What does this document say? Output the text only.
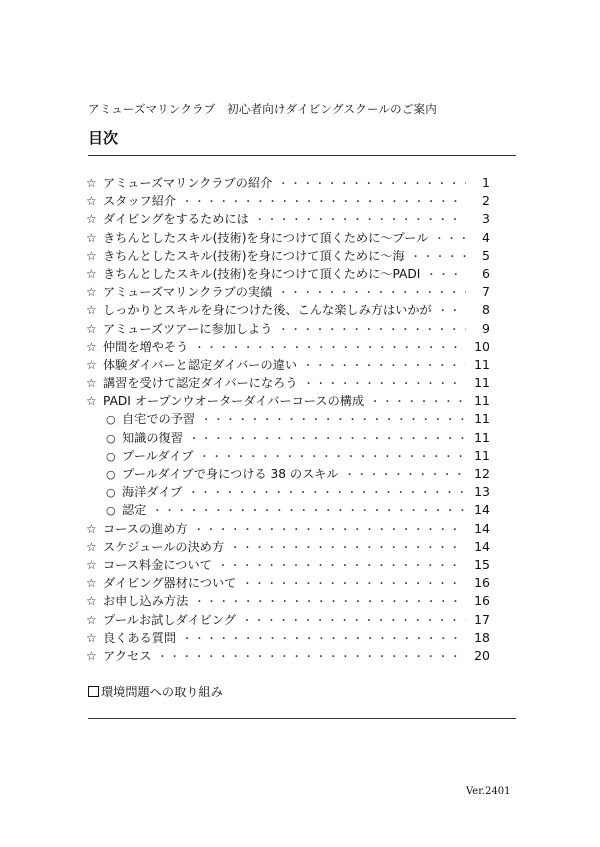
アミューズマリンクラブ　初心者向けダイビングスクールのご案内
目次
☆ アミューズマリンクラブの紹介 ・・・・・・・・・・・・・・・・・・・・・・・・・・・・・・・・・・・・・・・・・・・・・・・・・・・・・・・・	1
☆ スタッフ紹介 ・・・・・・・・・・・・・・・・・・・・・・・・・・・・・・・・・・・・・・・・・・・・・・・・・・・・・・・・	2
☆ ダイビングをするためには ・・・・・・・・・・・・・・・・・・・・・・・・・・・・・・・・・・・・・・・・・・・・・・・・・・・・・・・・	3
☆ きちんとしたスキル(技術)を身につけて頂くために～プール ・・・・・・・・・・・・・・・・・・・・・・・・・・・・・・・・・・・・・・・・・・・・・・・・・・・・・・・・	4
☆ きちんとしたスキル(技術)を身につけて頂くために～海 ・・・・・・・・・・・・・・・・・・・・・・・・・・・・・・・・・・・・・・・・・・・・・・・・・・・・・・・・	5
☆ きちんとしたスキル(技術)を身につけて頂くために～PADI ・・・・・・・・・・・・・・・・・・・・・・・・・・・・・・・・・・・・・・・・・・・・・・・・・・・・・・・・	6
☆ アミューズマリンクラブの実績 ・・・・・・・・・・・・・・・・・・・・・・・・・・・・・・・・・・・・・・・・・・・・・・・・・・・・・・・・	7
☆ しっかりとスキルを身につけた後、こんな楽しみ方はいかが ・・・・・・・・・・・・・・・・・・・・・・・・・・・・・・・・・・・・・・・・・・・・・・・・・・・・・・・・	8
☆ アミューズツアーに参加しよう ・・・・・・・・・・・・・・・・・・・・・・・・・・・・・・・・・・・・・・・・・・・・・・・・・・・・・・・・	9
☆ 仲間を増やそう ・・・・・・・・・・・・・・・・・・・・・・・・・・・・・・・・・・・・・・・・・・・・・・・・・・・・・・・・	10
☆ 体験ダイバーと認定ダイバーの違い ・・・・・・・・・・・・・・・・・・・・・・・・・・・・・・・・・・・・・・・・・・・・・・・・・・・・・・・・	11
☆ 講習を受けて認定ダイバーになろう ・・・・・・・・・・・・・・・・・・・・・・・・・・・・・・・・・・・・・・・・・・・・・・・・・・・・・・・・	11
☆ PADI オープンウオーターダイバーコースの構成 ・・・・・・・・・・・・・・・・・・・・・・・・・・・・・・・・・・・・・・・・・・・・・・・・・・・・・・・・	11
○ 自宅での予習 ・・・・・・・・・・・・・・・・・・・・・・・・・・・・・・・・・・・・・・・・・・・・・・・・・・・・・・・・	11
○ 知識の復習 ・・・・・・・・・・・・・・・・・・・・・・・・・・・・・・・・・・・・・・・・・・・・・・・・・・・・・・・・	11
○ プールダイブ ・・・・・・・・・・・・・・・・・・・・・・・・・・・・・・・・・・・・・・・・・・・・・・・・・・・・・・・・	11
○ プールダイブで身につける 38 のスキル ・・・・・・・・・・・・・・・・・・・・・・・・・・・・・・・・・・・・・・・・・・・・・・・・・・・・・・・・	12
○ 海洋ダイブ ・・・・・・・・・・・・・・・・・・・・・・・・・・・・・・・・・・・・・・・・・・・・・・・・・・・・・・・・	13
○ 認定 ・・・・・・・・・・・・・・・・・・・・・・・・・・・・・・・・・・・・・・・・・・・・・・・・・・・・・・・・	14
☆ コースの進め方 ・・・・・・・・・・・・・・・・・・・・・・・・・・・・・・・・・・・・・・・・・・・・・・・・・・・・・・・・	14
☆ スケジュールの決め方 ・・・・・・・・・・・・・・・・・・・・・・・・・・・・・・・・・・・・・・・・・・・・・・・・・・・・・・・・	14
☆ コース料金について ・・・・・・・・・・・・・・・・・・・・・・・・・・・・・・・・・・・・・・・・・・・・・・・・・・・・・・・・	15
☆ ダイビング器材について ・・・・・・・・・・・・・・・・・・・・・・・・・・・・・・・・・・・・・・・・・・・・・・・・・・・・・・・・	16
☆ お申し込み方法 ・・・・・・・・・・・・・・・・・・・・・・・・・・・・・・・・・・・・・・・・・・・・・・・・・・・・・・・・	16
☆ プールお試しダイビング ・・・・・・・・・・・・・・・・・・・・・・・・・・・・・・・・・・・・・・・・・・・・・・・・・・・・・・・・	17
☆ 良くある質問 ・・・・・・・・・・・・・・・・・・・・・・・・・・・・・・・・・・・・・・・・・・・・・・・・・・・・・・・・	18
☆ アクセス ・・・・・・・・・・・・・・・・・・・・・・・・・・・・・・・・・・・・・・・・・・・・・・・・・・・・・・・・	20
環境問題への取り組み
Ver.2401
